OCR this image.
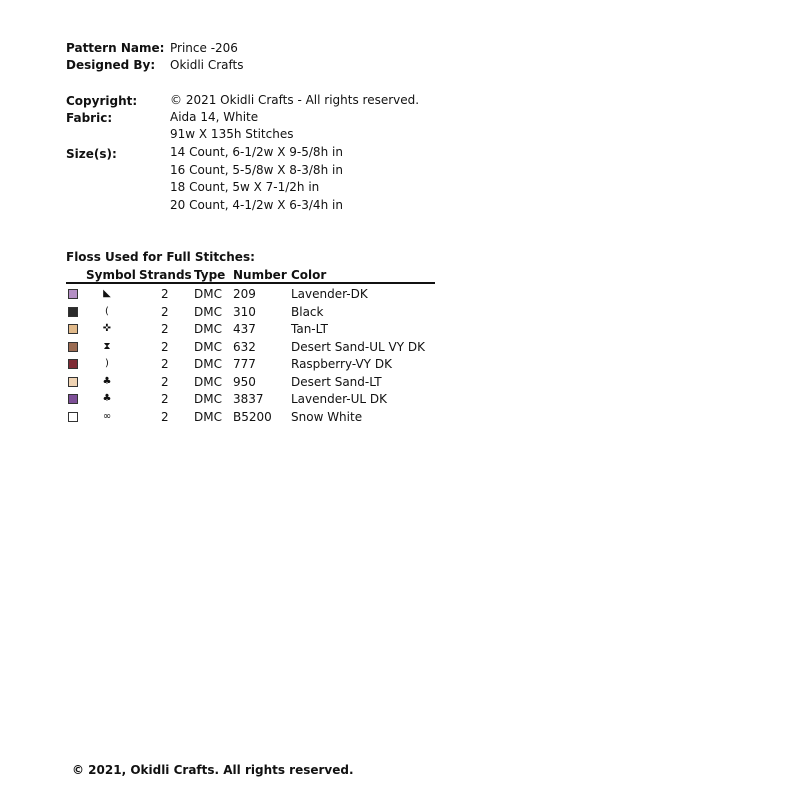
Pattern Name: Prince -206
Designed By: Okidli Crafts
Copyright:	© 2021 Okidli Crafts - All rights reserved.
Fabric:	Aida 14, White
91w X 135h Stitches
Size(s):	14 Count, 6-1/2w X 9-5/8h in
16 Count, 5-5/8w X 8-3/8h in
18 Count, 5w X 7-1/2h in
20 Count, 4-1/2w X 6-3/4h in
Floss Used for Full Stitches:
Symbol Strands Type Number Color
◣	2 DMC 209	Lavender-DK
(	2 DMC 310	Black
✜	2 DMC 437	Tan-LT
⧗	2 DMC 632	Desert Sand-UL VY DK
)	2 DMC 777	Raspberry-VY DK
♣	2 DMC 950	Desert Sand-LT
♣	2 DMC 3837 Lavender-UL DK
∞	2 DMC B5200 Snow White
© 2021, Okidli Crafts. All rights reserved.
